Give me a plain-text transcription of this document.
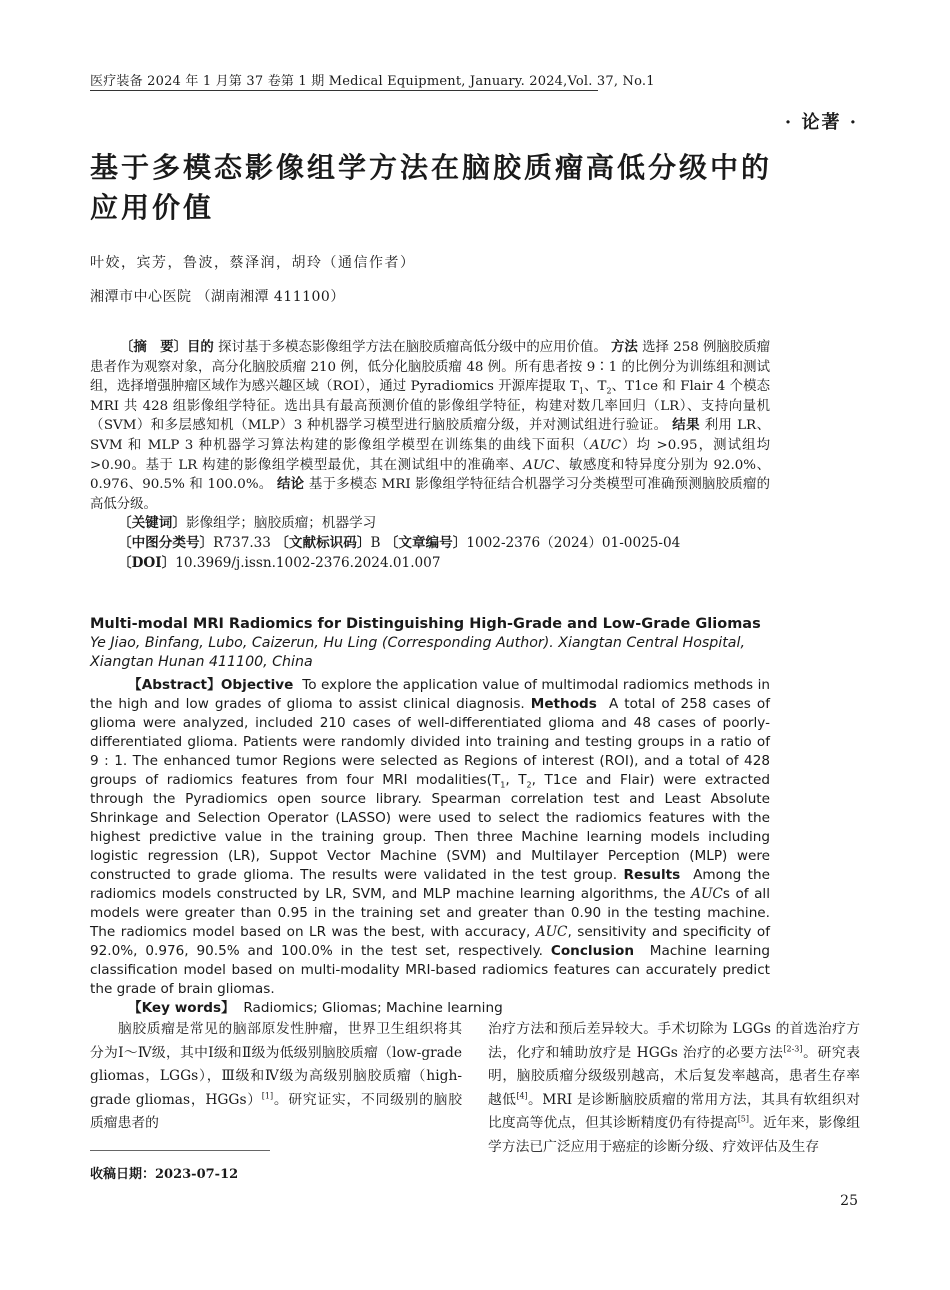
医疗装备 2024 年 1 月第 37 卷第 1 期 Medical Equipment, January. 2024,Vol. 37, No.1
· 论著 ·
基于多模态影像组学方法在脑胶质瘤高低分级中的
应用价值
叶姣，宾芳，鲁波，蔡泽润，胡玲（通信作者）
湘潭市中心医院 （湖南湘潭 411100）

〔摘　要〕目的 探讨基于多模态影像组学方法在脑胶质瘤高低分级中的应用价值。 方法 选择 258 例脑胶质瘤患者作为观察对象，高分化脑胶质瘤 210 例，低分化脑胶质瘤 48 例。所有患者按 9∶1 的比例分为训练组和测试组，选择增强肿瘤区域作为感兴趣区域（ROI），通过 Pyradiomics 开源库提取 $T_1$、$T_2$、T1ce 和 Flair 4 个模态 MRI 共 428 组影像组学特征。选出具有最高预测价值的影像组学特征，构建对数几率回归（LR）、支持向量机（SVM）和多层感知机（MLP）3 种机器学习模型进行脑胶质瘤分级，并对测试组进行验证。 结果 利用 LR、SVM 和 MLP 3 种机器学习算法构建的影像组学模型在训练集的曲线下面积（AUC）均 >0.95，测试组均 >0.90。基于 LR 构建的影像组学模型最优，其在测试组中的准确率、AUC、敏感度和特异度分别为 92.0%、0.976、90.5% 和 100.0%。 结论 基于多模态 MRI 影像组学特征结合机器学习分类模型可准确预测脑胶质瘤的高低分级。

〔关键词〕影像组学；脑胶质瘤；机器学习

〔中图分类号〕R737.33 〔文献标识码〕B 〔文章编号〕1002-2376（2024）01-0025-04

〔DOI〕10.3969/j.issn.1002-2376.2024.01.007

Multi-modal MRI Radiomics for Distinguishing High-Grade and Low-Grade Gliomas

Ye Jiao, Binfang, Lubo, Caizerun, Hu Ling (Corresponding Author). Xiangtan Central Hospital, Xiangtan Hunan 411100, China

【Abstract】Objective To explore the application value of multimodal radiomics methods in the high and low grades of glioma to assist clinical diagnosis. Methods A total of 258 cases of glioma were analyzed, included 210 cases of well-differentiated glioma and 48 cases of poorly-differentiated glioma. Patients were randomly divided into training and testing groups in a ratio of 9 : 1. The enhanced tumor Regions were selected as Regions of interest (ROI), and a total of 428 groups of radiomics features from four MRI $modalities(T_1$, $T_2$, T1ce and Flair) were extracted through the Pyradiomics open source library. Spearman correlation test and Least Absolute Shrinkage and Selection Operator (LASSO) were used to select the radiomics features with the highest predictive value in the training group. Then three Machine learning models including logistic regression (LR), Suppot Vector Machine (SVM) and Multilayer Perception (MLP) were constructed to grade glioma. The results were validated in the test group. Results Among the radiomics models constructed by LR, SVM, and MLP machine learning algorithms, the AUCs of all models were greater than 0.95 in the training set and greater than 0.90 in the testing machine. The radiomics model based on LR was the best, with accuracy, AUC, sensitivity and specificity of 92.0%, 0.976, 90.5% and 100.0% in the test set, respectively. Conclusion Machine learning classification model based on multi-modality MRI-based radiomics features can accurately predict the grade of brain gliomas.

【Key words】 Radiomics; Gliomas; Machine learning

脑胶质瘤是常见的脑部原发性肿瘤，世界卫生组织将其分为Ⅰ～Ⅳ级，其中Ⅰ级和Ⅱ级为低级别脑胶质瘤（low-grade gliomas，LGGs），Ⅲ级和Ⅳ级为高级别脑胶质瘤（high-grade gliomas，HGGs）[1]。研究证实，不同级别的脑胶质瘤患者的

治疗方法和预后差异较大。手术切除为 LGGs 的首选治疗方法，化疗和辅助放疗是 HGGs 治疗的必要方法[2-3]。研究表明，脑胶质瘤分级级别越高，术后复发率越高，患者生存率越低[4]。MRI 是诊断脑胶质瘤的常用方法，其具有软组织对比度高等优点，但其诊断精度仍有待提高[5]。近年来，影像组学方法已广泛应用于癌症的诊断分级、疗效评估及生存

收稿日期：2023-07-12
25
